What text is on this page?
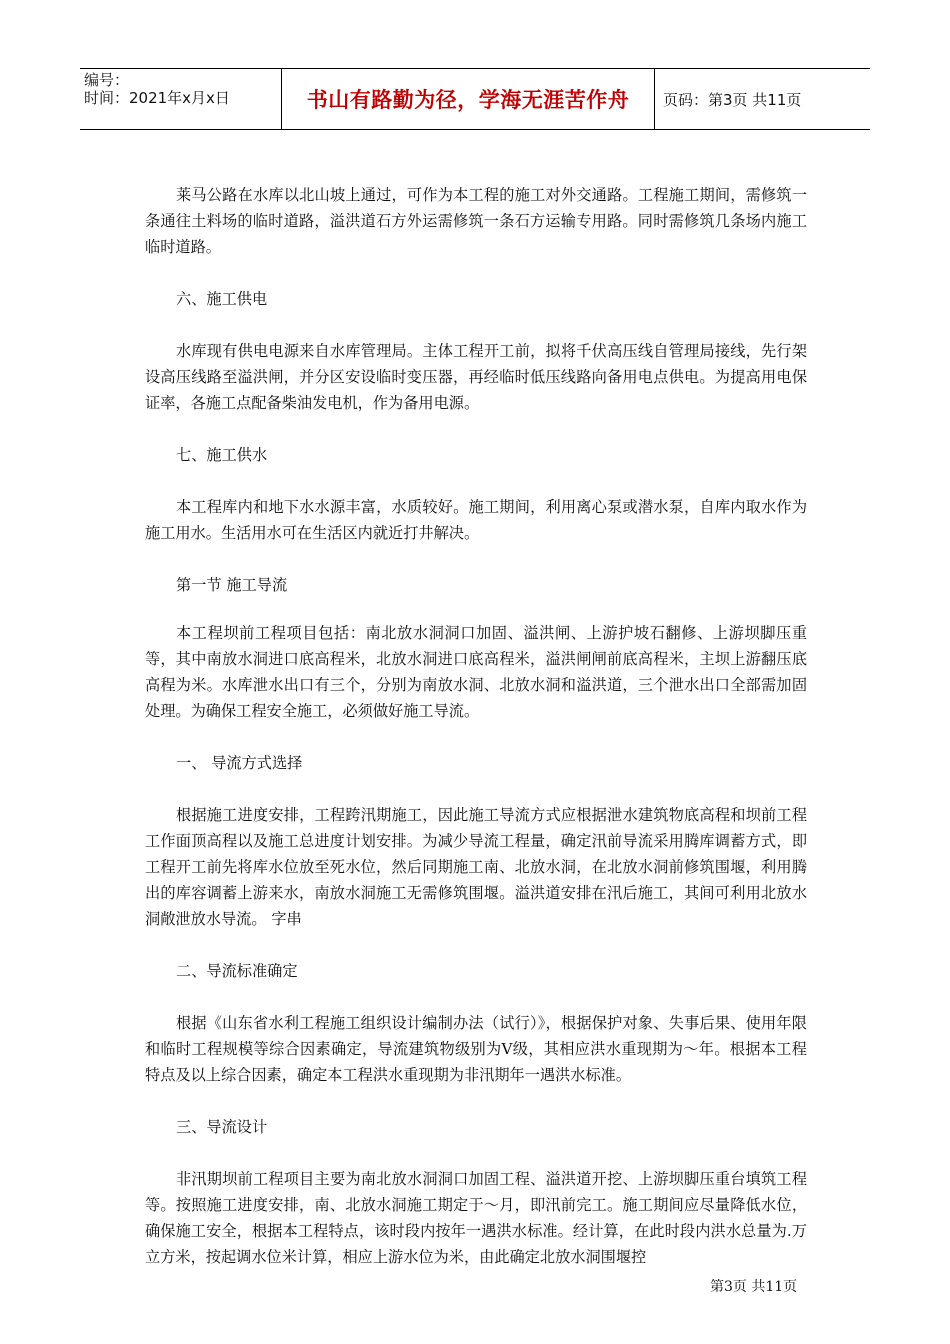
编号：
时间：2021年x月x日	书山有路勤为径，学海无涯苦作舟	页码：第3页 共11页

莱马公路在水库以北山坡上通过，可作为本工程的施工对外交通路。工程施工期间，需修筑一条通往土料场的临时道路，溢洪道石方外运需修筑一条石方运输专用路。同时需修筑几条场内施工临时道路。

六、施工供电

水库现有供电电源来自水库管理局。主体工程开工前，拟将千伏高压线自管理局接线，先行架设高压线路至溢洪闸，并分区安设临时变压器，再经临时低压线路向备用电点供电。为提高用电保证率，各施工点配备柴油发电机，作为备用电源。

七、施工供水

本工程库内和地下水水源丰富，水质较好。施工期间，利用离心泵或潜水泵，自库内取水作为施工用水。生活用水可在生活区内就近打井解决。

第一节 施工导流

本工程坝前工程项目包括：南北放水洞洞口加固、溢洪闸、上游护坡石翻修、上游坝脚压重等，其中南放水洞进口底高程米，北放水洞进口底高程米，溢洪闸闸前底高程米，主坝上游翻压底高程为米。水库泄水出口有三个，分别为南放水洞、北放水洞和溢洪道，三个泄水出口全部需加固处理。为确保工程安全施工，必须做好施工导流。

一、 导流方式选择

根据施工进度安排，工程跨汛期施工，因此施工导流方式应根据泄水建筑物底高程和坝前工程工作面顶高程以及施工总进度计划安排。为减少导流工程量，确定汛前导流采用腾库调蓄方式，即工程开工前先将库水位放至死水位，然后同期施工南、北放水洞，在北放水洞前修筑围堰，利用腾出的库容调蓄上游来水，南放水洞施工无需修筑围堰。溢洪道安排在汛后施工，其间可利用北放水洞敞泄放水导流。 字串

二、导流标准确定

根据《山东省水利工程施工组织设计编制办法（试行）》，根据保护对象、失事后果、使用年限和临时工程规模等综合因素确定，导流建筑物级别为Ⅴ级，其相应洪水重现期为～年。根据本工程特点及以上综合因素，确定本工程洪水重现期为非汛期年一遇洪水标准。

三、导流设计

非汛期坝前工程项目主要为南北放水洞洞口加固工程、溢洪道开挖、上游坝脚压重台填筑工程等。按照施工进度安排，南、北放水洞施工期定于～月，即汛前完工。施工期间应尽量降低水位，确保施工安全，根据本工程特点，该时段内按年一遇洪水标准。经计算，在此时段内洪水总量为.万立方米，按起调水位米计算，相应上游水位为米，由此确定北放水洞围堰控

第3页 共11页
